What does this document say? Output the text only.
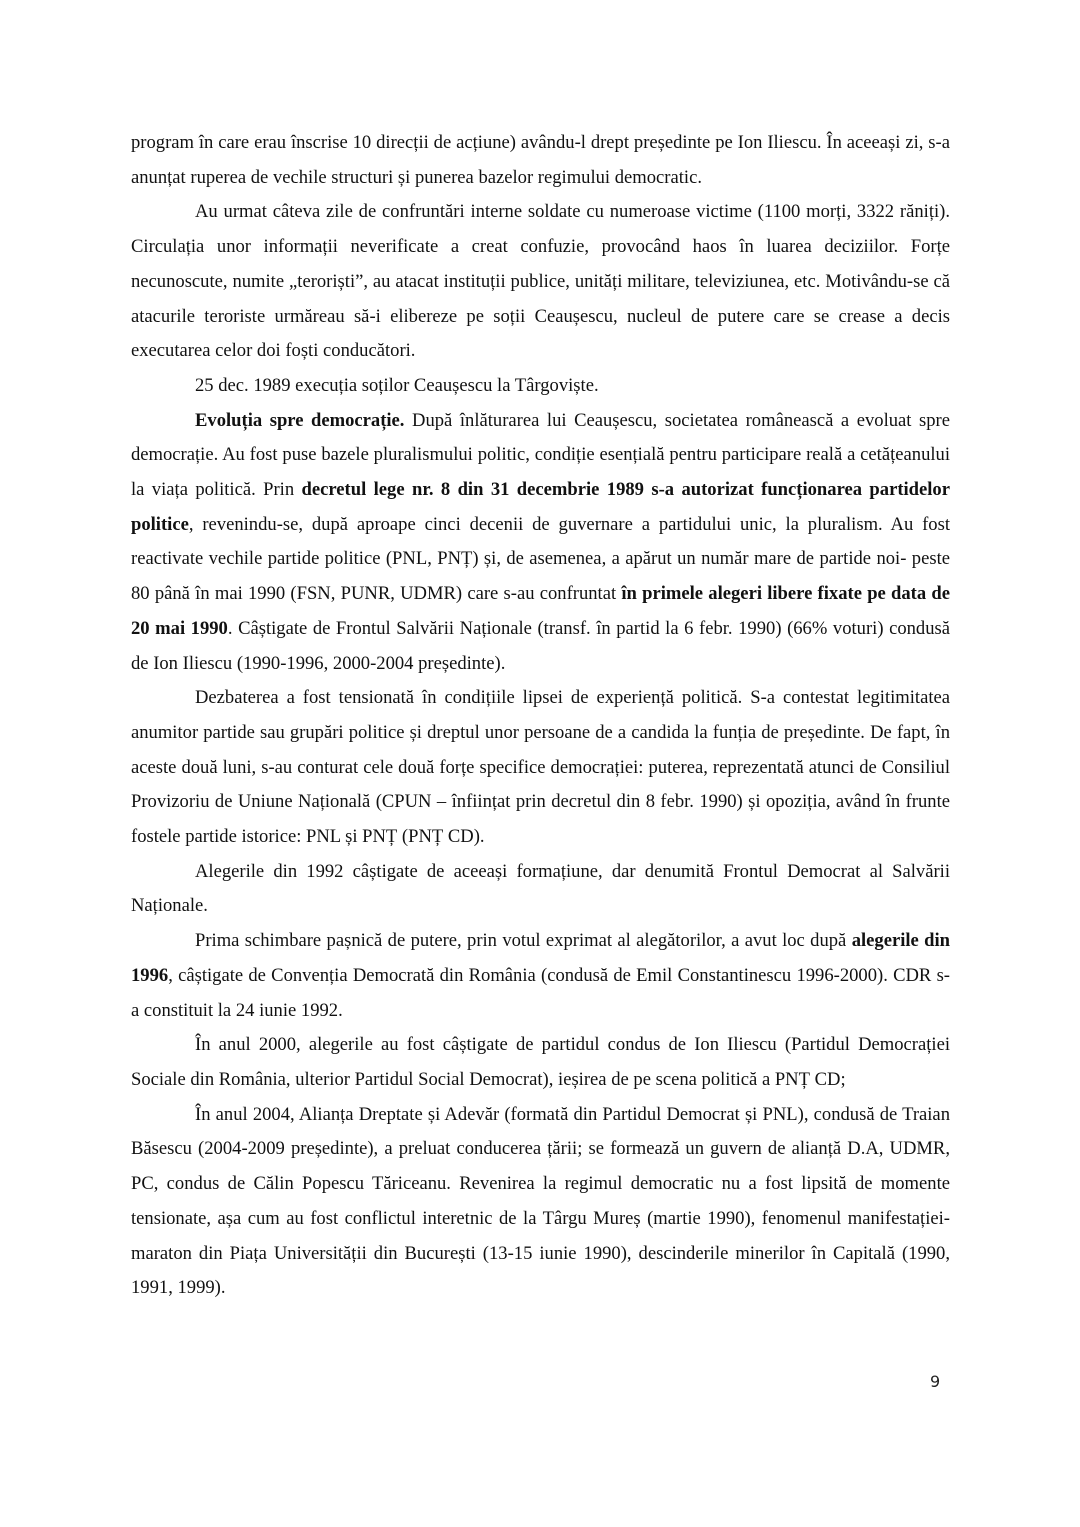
program în care erau înscrise 10 direcții de acțiune) avându-l drept președinte pe Ion Iliescu. În aceeași zi, s-a anunțat ruperea de vechile structuri și punerea bazelor regimului democratic.

Au urmat câteva zile de confruntări interne soldate cu numeroase victime (1100 morți, 3322 răniți). Circulația unor informații neverificate a creat confuzie, provocând haos în luarea deciziilor. Forțe necunoscute, numite „teroriști”, au atacat instituții publice, unități militare, televiziunea, etc. Motivându-se că atacurile teroriste urmăreau să-i elibereze pe soții Ceaușescu, nucleul de putere care se crease a decis executarea celor doi foști conducători.

25 dec. 1989 execuția soților Ceaușescu la Târgoviște.

Evoluția spre democrație. După înlăturarea lui Ceaușescu, societatea românească a evoluat spre democrație. Au fost puse bazele pluralismului politic, condiție esențială pentru participare reală a cetățeanului la viața politică. Prin decretul lege nr. 8 din 31 decembrie 1989 s-a autorizat funcționarea partidelor politice, revenindu-se, după aproape cinci decenii de guvernare a partidului unic, la pluralism. Au fost reactivate vechile partide politice (PNL, PNȚ) și, de asemenea, a apărut un număr mare de partide noi- peste 80 până în mai 1990 (FSN, PUNR, UDMR) care s-au confruntat în primele alegeri libere fixate pe data de 20 mai 1990. Câștigate de Frontul Salvării Naționale (transf. în partid la 6 febr. 1990) (66% voturi) condusă de Ion Iliescu (1990-1996, 2000-2004 președinte).

Dezbaterea a fost tensionată în condițiile lipsei de experiență politică. S-a contestat legitimitatea anumitor partide sau grupări politice și dreptul unor persoane de a candida la funția de președinte. De fapt, în aceste două luni, s-au conturat cele două forțe specifice democrației: puterea, reprezentată atunci de Consiliul Provizoriu de Uniune Națională (CPUN – înființat prin decretul din 8 febr. 1990) și opoziția, având în frunte fostele partide istorice: PNL și PNȚ (PNȚ CD).

Alegerile din 1992 câștigate de aceeași formațiune, dar denumită Frontul Democrat al Salvării Naționale.

Prima schimbare pașnică de putere, prin votul exprimat al alegătorilor, a avut loc după alegerile din 1996, câștigate de Convenția Democrată din România (condusă de Emil Constantinescu 1996-2000). CDR s-a constituit la 24 iunie 1992.

În anul 2000, alegerile au fost câștigate de partidul condus de Ion Iliescu (Partidul Democrației Sociale din România, ulterior Partidul Social Democrat), ieșirea de pe scena politică a PNȚ CD;

În anul 2004, Alianța Dreptate și Adevăr (formată din Partidul Democrat și PNL), condusă de Traian Băsescu (2004-2009 președinte), a preluat conducerea țării; se formează un guvern de alianță D.A, UDMR, PC, condus de Călin Popescu Tăriceanu. Revenirea la regimul democratic nu a fost lipsită de momente tensionate, așa cum au fost conflictul interetnic de la Târgu Mureș (martie 1990), fenomenul manifestației-maraton din Piața Universității din București (13-15 iunie 1990), descinderile minerilor în Capitală (1990, 1991, 1999).

9
